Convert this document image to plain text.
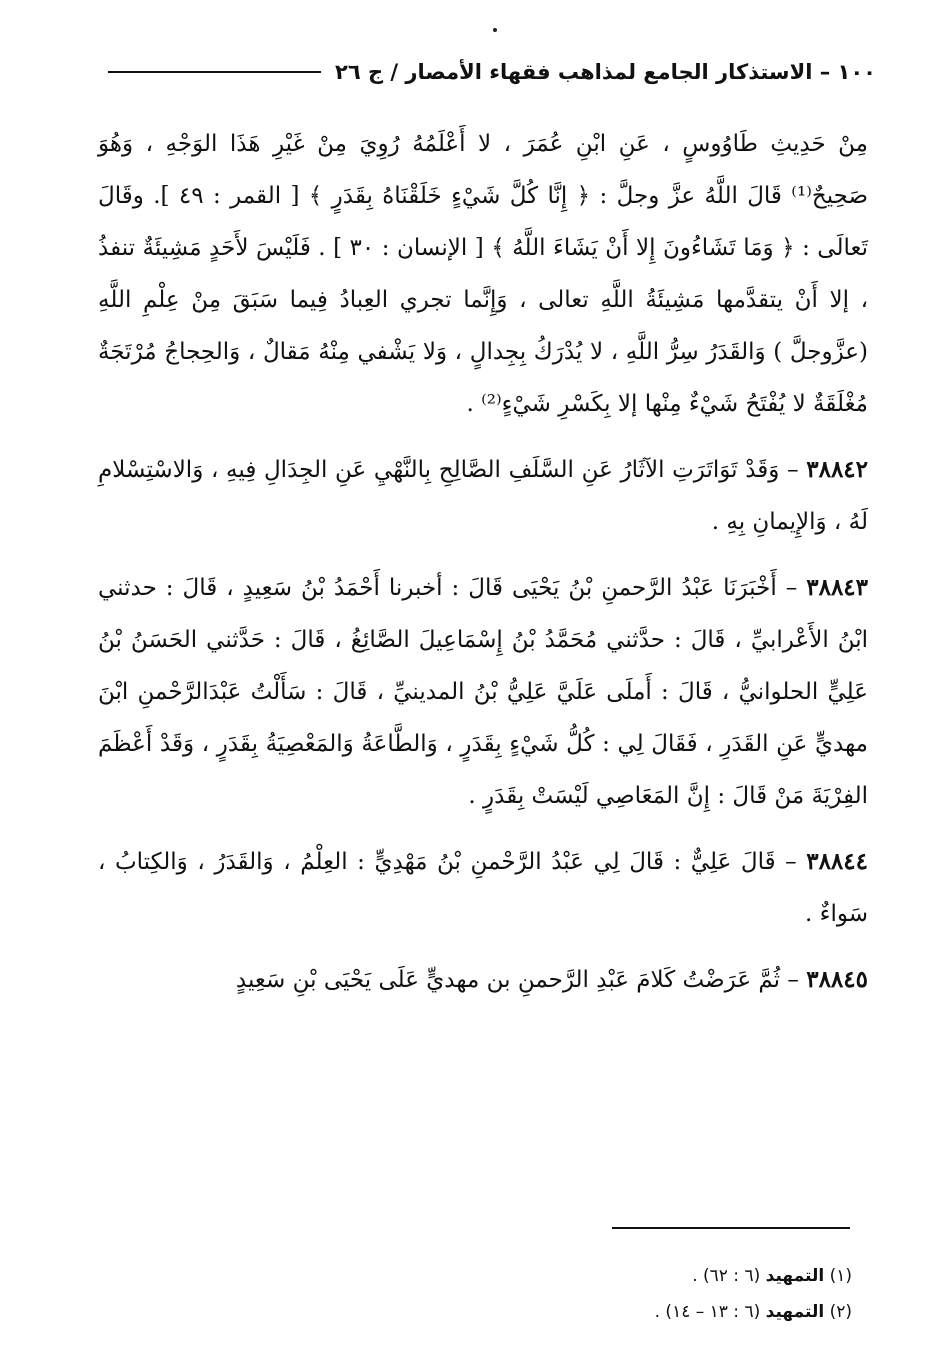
١٠٠ – الاستذكار الجامع لمذاهب فقهاء الأمصار / ج ٢٦

مِنْ حَدِيثِ طَاوُوسٍ ، عَنِ ابْنِ عُمَرَ ، لا أَعْلَمُهُ رُوِيَ مِنْ غَيْرِ هَذَا الوَجْهِ ، وَهُوَ صَحِيحٌ⁽¹⁾ قَالَ اللَّهُ عزَّ وجلَّ : ﴿ إِنَّا كُلَّ شَيْءٍ خَلَقْنَاهُ بِقَدَرٍ ﴾ [ القمر : ٤٩ ]. وقَالَ تَعالَى : ﴿ وَمَا تَشَاءُونَ إِلا أَنْ يَشَاءَ اللَّهُ ﴾ [ الإنسان : ٣٠ ] . فَلَيْسَ لأَحَدٍ مَشِيئَةٌ تنفذُ ، إلا أَنْ يتقدَّمها مَشِيئَةُ اللَّهِ تعالى ، وَإِنَّما تجري العِبادُ فِيما سَبَقَ مِنْ عِلْمِ اللَّهِ (عزَّوجلَّ ) وَالقَدَرُ سِرُّ اللَّهِ ، لا يُدْرَكُ بِجِدالٍ ، وَلا يَشْفي مِنْهُ مَقالٌ ، وَالحِجاجُ مُرْتَجَةٌ مُغْلَقَةٌ لا يُفْتَحُ شَيْءٌ مِنْها إلا بِكَسْرِ شَيْءٍ⁽²⁾ .

٣٨٨٤٢ – وَقَدْ تَوَاتَرَتِ الآثَارُ عَنِ السَّلَفِ الصَّالِحِ بِالنَّهْيِ عَنِ الجِدَالِ فِيهِ ، وَالاسْتِسْلامِ لَهُ ، وَالإِيمانِ بِهِ .

٣٨٨٤٣ – أَخْبَرَنَا عَبْدُ الرَّحمنِ بْنُ يَحْيَى قَالَ : أخبرنا أَحْمَدُ بْنُ سَعِيدٍ ، قَالَ : حدثني ابْنُ الأَعْرابيِّ ، قَالَ : حدَّثني مُحَمَّدُ بْنُ إِسْمَاعِيلَ الصَّائِغُ ، قَالَ : حَدَّثني الحَسَنُ بْنُ عَلِيٍّ الحلوانيُّ ، قَالَ : أَملَى عَلَيَّ عَلِيُّ بْنُ المدينيِّ ، قَالَ : سَأَلْتُ عَبْدَالرَّحْمنِ ابْنَ مهديٍّ عَنِ القَدَرِ ، فَقَالَ لِي : كُلُّ شَيْءٍ بِقَدَرٍ ، وَالطَّاعَةُ وَالمَعْصِيَةُ بِقَدَرٍ ، وَقَدْ أَعْظَمَ الفِرْيَةَ مَنْ قَالَ : إِنَّ المَعَاصِي لَيْسَتْ بِقَدَرٍ .

٣٨٨٤٤ – قَالَ عَلِيٌّ : قَالَ لِي عَبْدُ الرَّحْمنِ بْنُ مَهْدِيٍّ : العِلْمُ ، وَالقَدَرُ ، وَالكِتابُ ، سَواءٌ .

٣٨٨٤٥ – ثُمَّ عَرَضْتُ كَلامَ عَبْدِ الرَّحمنِ بن مهديٍّ عَلَى يَحْيَى بْنِ سَعِيدٍ

(١) التمهيد (٦ : ٦٢) .
(٢) التمهيد (٦ : ١٣ – ١٤) .
